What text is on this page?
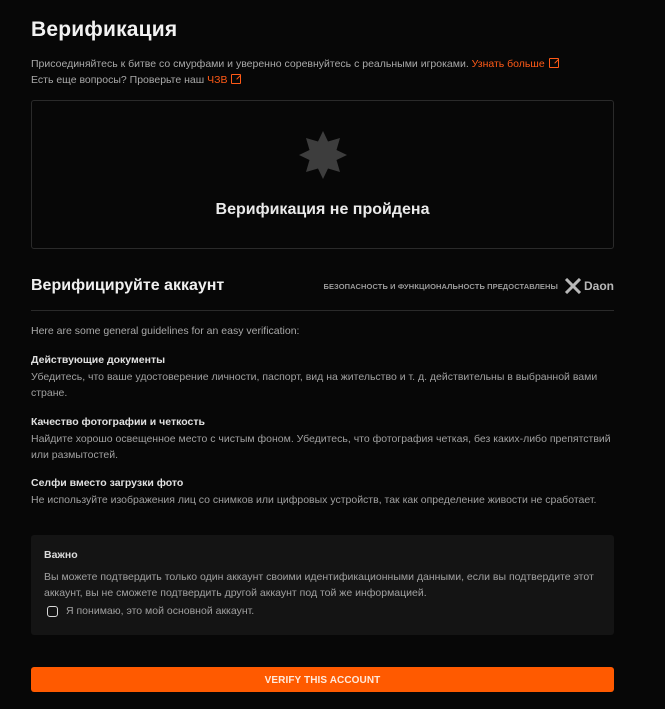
Верификация
Присоединяйтесь к битве со смурфами и уверенно соревнуйтесь с реальными игроками. Узнать больше
Есть еще вопросы? Проверьте наш ЧЗВ
Верификация не пройдена
Верифицируйте аккаунт	БЕЗОПАСНОСТЬ И ФУНКЦИОНАЛЬНОСТЬ ПРЕДОСТАВЛЕНЫ Daon
Here are some general guidelines for an easy verification:
Действующие документы
Убедитесь, что ваше удостоверение личности, паспорт, вид на жительство и т. д. действительны в выбранной вами стране.
Качество фотографии и четкость
Найдите хорошо освещенное место с чистым фоном. Убедитесь, что фотография четкая, без каких-либо препятствий или размытостей.
Селфи вместо загрузки фото
Не используйте изображения лиц со снимков или цифровых устройств, так как определение живости не сработает.
Важно
Вы можете подтвердить только один аккаунт своими идентификационными данными, если вы подтвердите этот аккаунт, вы не сможете подтвердить другой аккаунт под той же информацией.
Я понимаю, это мой основной аккаунт.
VERIFY THIS ACCOUNT
